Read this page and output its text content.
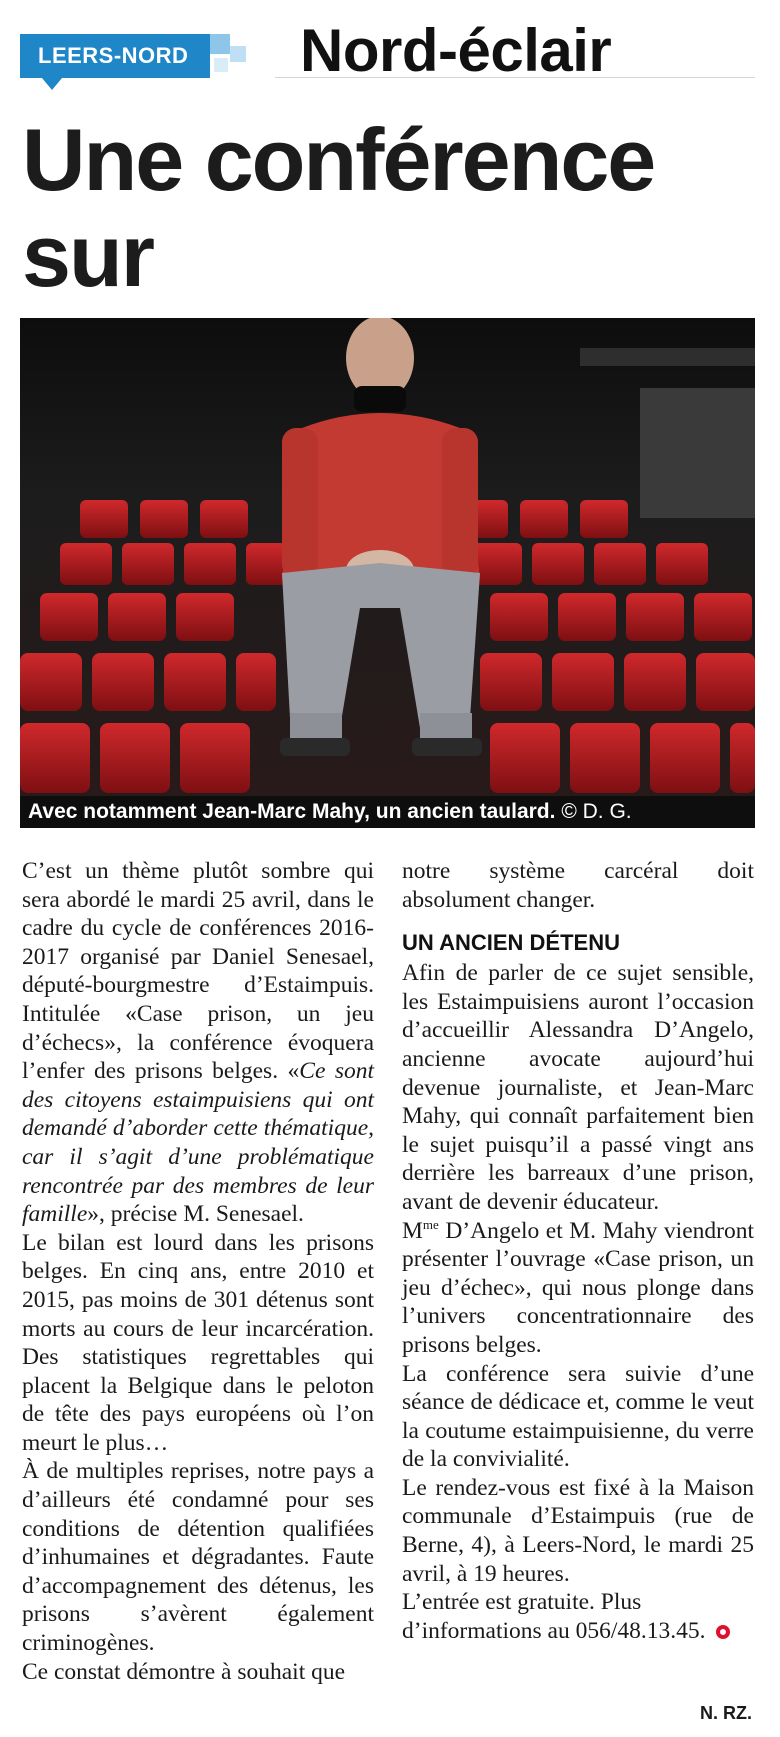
LEERS-NORD	Nord-éclair
Une conférence sur
Avec notamment Jean-Marc Mahy, un ancien taulard. © D. G.

C’est un thème plutôt sombre qui sera abordé le mardi 25 avril, dans le cadre du cycle de conférences 2016-2017 organisé par Daniel Senesael, député-bourgmestre d’Estaimpuis. Intitulée «Case prison, un jeu d’échecs», la conférence évoquera l’enfer des prisons belges. «Ce sont des citoyens estaimpuisiens qui ont demandé d’aborder cette thématique, car il s’agit d’une problématique rencontrée par des membres de leur famille», précise M. Senesael.

Le bilan est lourd dans les prisons belges. En cinq ans, entre 2010 et 2015, pas moins de 301 détenus sont morts au cours de leur incarcération. Des statistiques regrettables qui placent la Belgique dans le peloton de tête des pays européens où l’on meurt le plus…

À de multiples reprises, notre pays a d’ailleurs été condamné pour ses conditions de détention qualifiées d’inhumaines et dégradantes. Faute d’accompagnement des détenus, les prisons s’avèrent également criminogènes.

Ce constat démontre à souhait que

notre système carcéral doit absolument changer.

UN ANCIEN DÉTENU

Afin de parler de ce sujet sensible, les Estaimpuisiens auront l’occasion d’accueillir Alessandra D’Angelo, ancienne avocate aujourd’hui devenue journaliste, et Jean-Marc Mahy, qui connaît parfaitement bien le sujet puisqu’il a passé vingt ans derrière les barreaux d’une prison, avant de devenir éducateur.

$M^{me}$ D’Angelo et M. Mahy viendront présenter l’ouvrage «Case prison, un jeu d’échec», qui nous plonge dans l’univers concentrationnaire des prisons belges.

La conférence sera suivie d’une séance de dédicace et, comme le veut la coutume estaimpuisienne, du verre de la convivialité.

Le rendez-vous est fixé à la Maison communale d’Estaimpuis (rue de Berne, 4), à Leers-Nord, le mardi 25 avril, à 19 heures.

L’entrée est gratuite. Plus d’informations au 056/48.13.45.

N. RZ.
